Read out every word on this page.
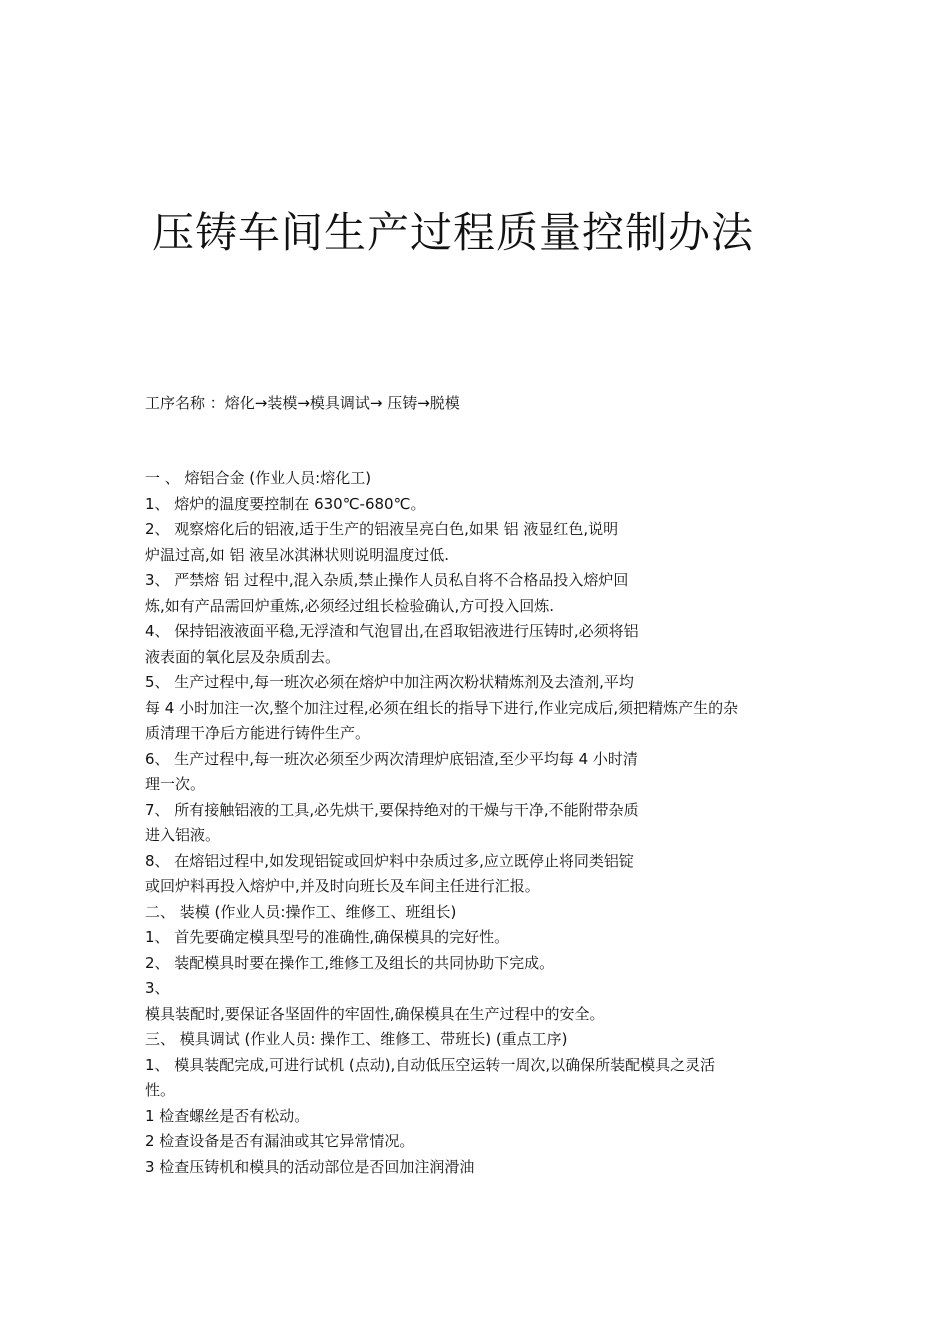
压铸车间生产过程质量控制办法
工序名称 ：熔化→装模→模具调试→ 压铸→脱模
一 、 熔铝合金 (作业人员:熔化工)
1、 熔炉的温度要控制在 630℃-680℃。
2、 观察熔化后的铝液,适于生产的铝液呈亮白色,如果 铝 液显红色,说明
炉温过高,如 铝 液呈冰淇淋状则说明温度过低.
3、 严禁熔 铝 过程中,混入杂质,禁止操作人员私自将不合格品投入熔炉回
炼,如有产品需回炉重炼,必须经过组长检验确认,方可投入回炼.
4、 保持铝液液面平稳,无浮渣和气泡冒出,在舀取铝液进行压铸时,必须将铝
液表面的氧化层及杂质刮去。
5、 生产过程中,每一班次必须在熔炉中加注两次粉状精炼剂及去渣剂,平均
每 4 小时加注一次,整个加注过程,必须在组长的指导下进行,作业完成后,须把精炼产生的杂
质清理干净后方能进行铸件生产。
6、 生产过程中,每一班次必须至少两次清理炉底铝渣,至少平均每 4 小时清
理一次。
7、 所有接触铝液的工具,必先烘干,要保持绝对的干燥与干净,不能附带杂质
进入铝液。
8、 在熔铝过程中,如发现铝锭或回炉料中杂质过多,应立既停止将同类铝锭
或回炉料再投入熔炉中,并及时向班长及车间主任进行汇报。
二、 装模 (作业人员:操作工、维修工、班组长)
1、 首先要确定模具型号的准确性,确保模具的完好性。
2、 装配模具时要在操作工,维修工及组长的共同协助下完成。
3、
模具装配时,要保证各坚固件的牢固性,确保模具在生产过程中的安全。
三、 模具调试 (作业人员: 操作工、维修工、带班长) (重点工序)
1、 模具装配完成,可进行试机 (点动),自动低压空运转一周次,以确保所装配模具之灵活
性。
1 检查螺丝是否有松动。
2 检查设备是否有漏油或其它异常情况。
3 检查压铸机和模具的活动部位是否回加注润滑油
